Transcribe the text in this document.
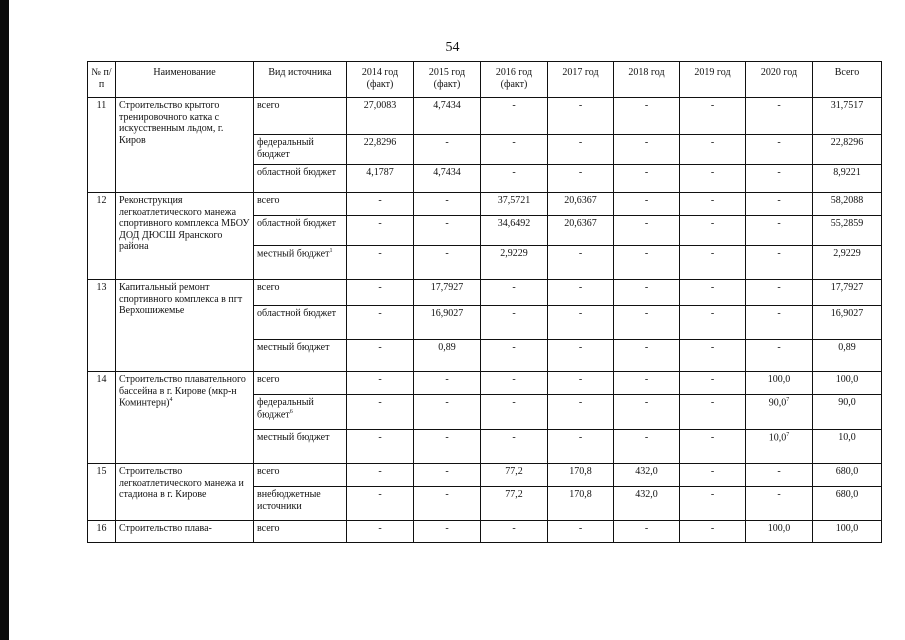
54
№ п/п	Наименование	Вид источника	2014 год (факт)	2015 год (факт)	2016 год (факт)	2017 год	2018 год	2019 год	2020 год	Всего
11	Строительство крытого тренировочного катка с искусственным льдом, г. Киров	всего	27,0083	4,7434	-	-	-	-	-	31,7517
		федеральный бюджет	22,8296	-	-	-	-	-	-	22,8296
		областной бюджет	4,1787	4,7434	-	-	-	-	-	8,9221
12	Реконструкция легкоатлетического манежа спортивного комплекса МБОУ ДОД ДЮСШ Яранского района	всего	-	-	37,5721	20,6367	-	-	-	58,2088
		областной бюджет	-	-	34,6492	20,6367	-	-	-	55,2859
		местный бюджет$^1$	-	-	2,9229	-	-	-	-	2,9229
13	Капитальный ремонт спортивного комплекса в пгт Верхошижемье	всего	-	17,7927	-	-	-	-	-	17,7927
		областной бюджет	-	16,9027	-	-	-	-	-	16,9027
		местный бюджет	-	0,89	-	-	-	-	-	0,89
14	Строительство плавательного бассейна в г. Кирове (мкр-н Коминтерн)$^4$	всего	-	-	-	-	-	-	100,0	100,0
		федеральный бюджет$^6$	-	-	-	-	-	-	90,0$^7$	90,0
		местный бюджет	-	-	-	-	-	-	10,0$^7$	10,0
15	Строительство легкоатлетического манежа и стадиона в г. Кирове	всего	-	-	77,2	170,8	432,0	-	-	680,0
		внебюджетные источники	-	-	77,2	170,8	432,0	-	-	680,0
16	Строительство плава-	всего	-	-	-	-	-	-	100,0	100,0
